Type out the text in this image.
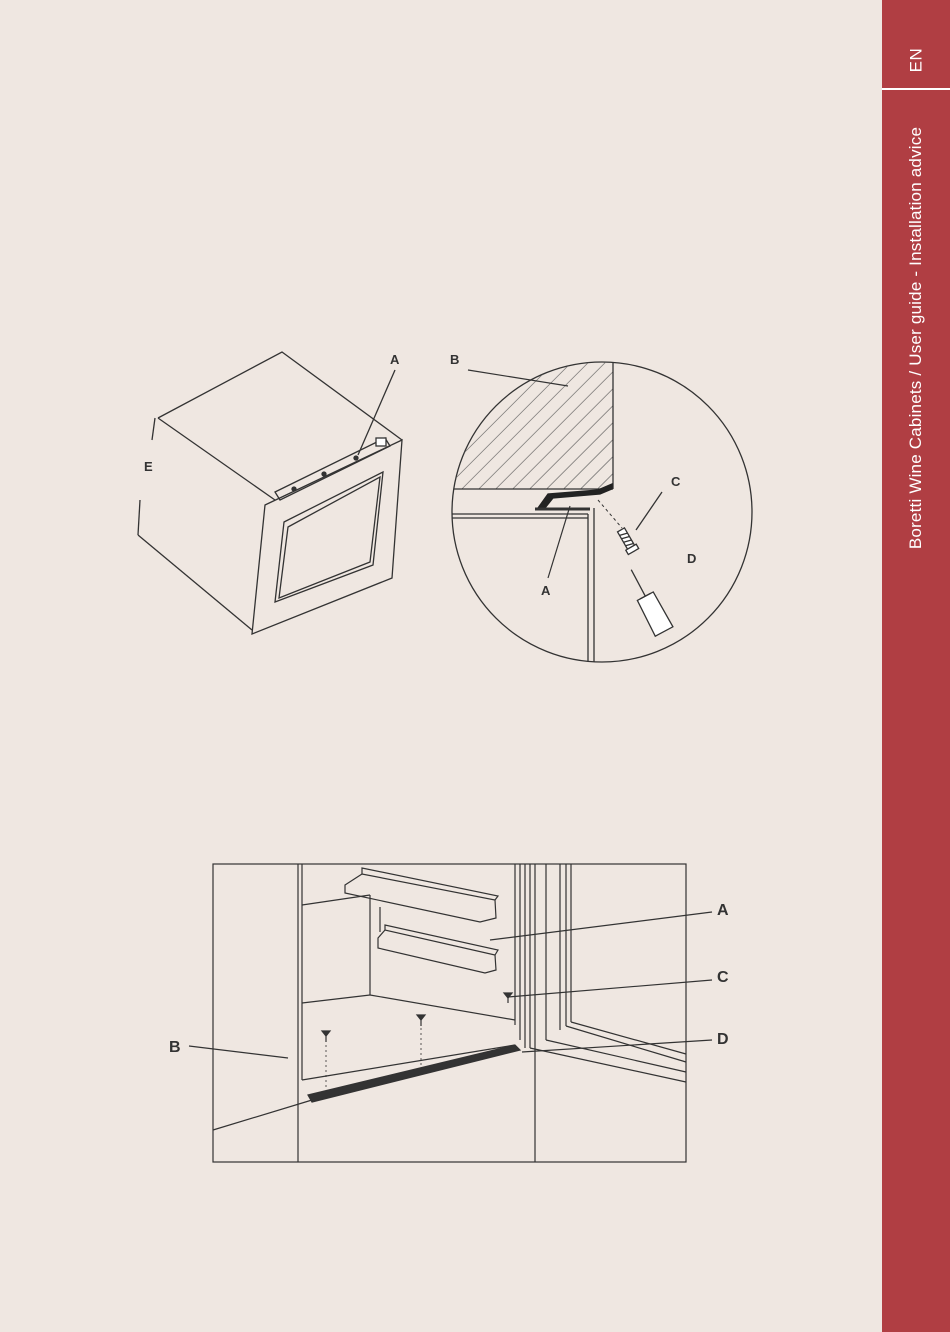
A
E
B
C
D
A
A
C
D
B
EN
Boretti Wine Cabinets / User guide - Installation advice
